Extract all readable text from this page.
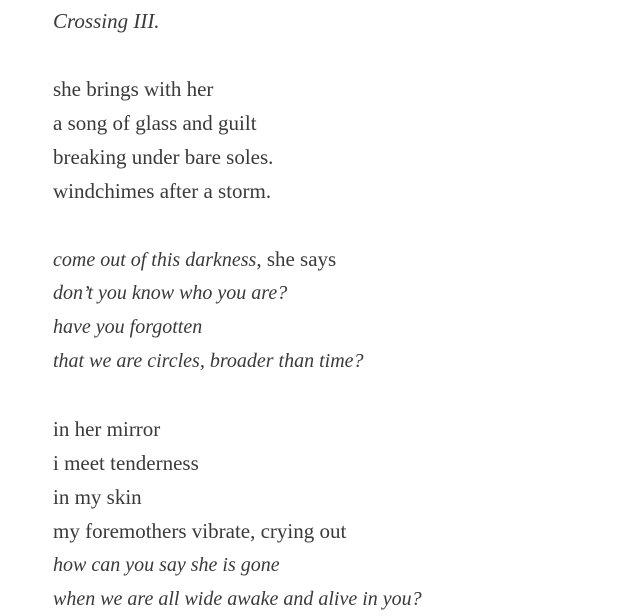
Crossing III.
she brings with her
a song of glass and guilt
breaking under bare soles.
windchimes after a storm.
come out of this darkness, she says
don’t you know who you are?
have you forgotten
that we are circles, broader than time?
in her mirror
i meet tenderness
in my skin
my foremothers vibrate, crying out
how can you say she is gone
when we are all wide awake and alive in you?
